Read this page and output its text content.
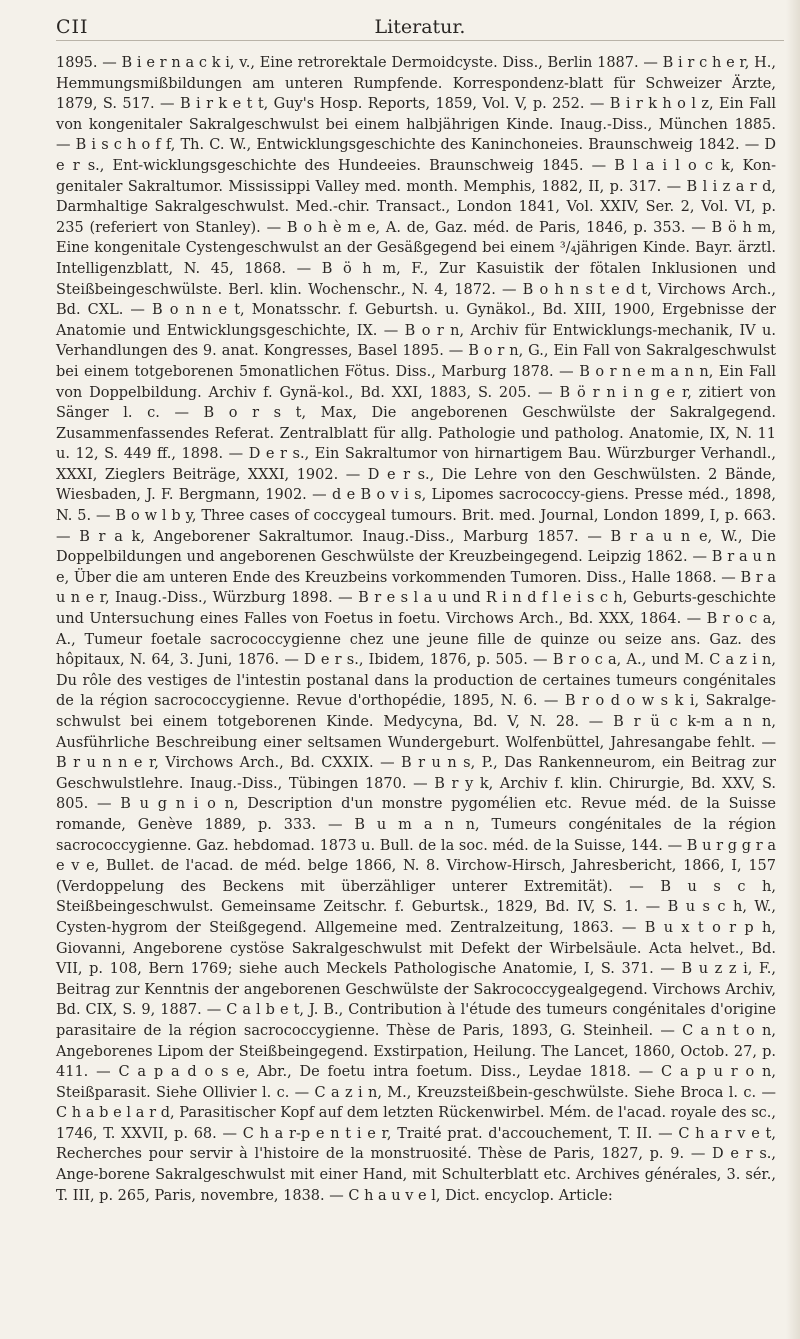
CII	Literatur.

1895. — B i e r n a c k i, v., Eine retrorektale Dermoidcyste. Diss., Berlin 1887. — B i r c h e r, H., Hemmungsmißbildungen am unteren Rumpfende. Korrespondenz-blatt für Schweizer Ärzte, 1879, S. 517. — B i r k e t t, Guy's Hosp. Reports, 1859, Vol. V, p. 252. — B i r k h o l z, Ein Fall von kongenitaler Sakralgeschwulst bei einem halbjährigen Kinde. Inaug.-Diss., München 1885. — B i s c h o f f, Th. C. W., Entwicklungsgeschichte des Kaninchoneies. Braunschweig 1842. — D e r s., Ent-wicklungsgeschichte des Hundeeies. Braunschweig 1845. — B l a i l o c k, Kon-genitaler Sakraltumor. Mississippi Valley med. month. Memphis, 1882, II, p. 317. — B l i z a r d, Darmhaltige Sakralgeschwulst. Med.-chir. Transact., London 1841, Vol. XXIV, Ser. 2, Vol. VI, p. 235 (referiert von Stanley). — B o h è m e, A. de, Gaz. méd. de Paris, 1846, p. 353. — B ö h m, Eine kongenitale Cystengeschwulst an der Gesäßgegend bei einem ³/₄jährigen Kinde. Bayr. ärztl. Intelligenzblatt, N. 45, 1868. — B ö h m, F., Zur Kasuistik der fötalen Inklusionen und Steißbeingeschwülste. Berl. klin. Wochenschr., N. 4, 1872. — B o h n s t e d t, Virchows Arch., Bd. CXL. — B o n n e t, Monatsschr. f. Geburtsh. u. Gynäkol., Bd. XIII, 1900, Ergebnisse der Anatomie und Entwicklungsgeschichte, IX. — B o r n, Archiv für Entwicklungs-mechanik, IV u. Verhandlungen des 9. anat. Kongresses, Basel 1895. — B o r n, G., Ein Fall von Sakralgeschwulst bei einem totgeborenen 5monatlichen Fötus. Diss., Marburg 1878. — B o r n e m a n n, Ein Fall von Doppelbildung. Archiv f. Gynä-kol., Bd. XXI, 1883, S. 205. — B ö r n i n g e r, zitiert von Sänger l. c. — B o r s t, Max, Die angeborenen Geschwülste der Sakralgegend. Zusammenfassendes Referat. Zentralblatt für allg. Pathologie und patholog. Anatomie, IX, N. 11 u. 12, S. 449 ff., 1898. — D e r s., Ein Sakraltumor von hirnartigem Bau. Würzburger Verhandl., XXXI, Zieglers Beiträge, XXXI, 1902. — D e r s., Die Lehre von den Geschwülsten. 2 Bände, Wiesbaden, J. F. Bergmann, 1902. — d e B o v i s, Lipomes sacrococcy-giens. Presse méd., 1898, N. 5. — B o w l b y, Three cases of coccygeal tumours. Brit. med. Journal, London 1899, I, p. 663. — B r a k, Angeborener Sakraltumor. Inaug.-Diss., Marburg 1857. — B r a u n e, W., Die Doppelbildungen und angeborenen Geschwülste der Kreuzbeingegend. Leipzig 1862. — B r a u n e, Über die am unteren Ende des Kreuzbeins vorkommenden Tumoren. Diss., Halle 1868. — B r a u n e r, Inaug.-Diss., Würzburg 1898. — B r e s l a u und R i n d f l e i s c h, Geburts-geschichte und Untersuchung eines Falles von Foetus in foetu. Virchows Arch., Bd. XXX, 1864. — B r o c a, A., Tumeur foetale sacrococcygienne chez une jeune fille de quinze ou seize ans. Gaz. des hôpitaux, N. 64, 3. Juni, 1876. — D e r s., Ibidem, 1876, p. 505. — B r o c a, A., und M. C a z i n, Du rôle des vestiges de l'intestin postanal dans la production de certaines tumeurs congénitales de la région sacrococcygienne. Revue d'orthopédie, 1895, N. 6. — B r o d o w s k i, Sakralge-schwulst bei einem totgeborenen Kinde. Medycyna, Bd. V, N. 28. — B r ü c k-m a n n, Ausführliche Beschreibung einer seltsamen Wundergeburt. Wolfenbüttel, Jahresangabe fehlt. — B r u n n e r, Virchows Arch., Bd. CXXIX. — B r u n s, P., Das Rankenneurom, ein Beitrag zur Geschwulstlehre. Inaug.-Diss., Tübingen 1870. — B r y k, Archiv f. klin. Chirurgie, Bd. XXV, S. 805. — B u g n i o n, Description d'un monstre pygomélien etc. Revue méd. de la Suisse romande, Genève 1889, p. 333. — B u m a n n, Tumeurs congénitales de la région sacrococcygienne. Gaz. hebdomad. 1873 u. Bull. de la soc. méd. de la Suisse, 144. — B u r g g r a e v e, Bullet. de l'acad. de méd. belge 1866, N. 8. Virchow-Hirsch, Jahresbericht, 1866, I, 157 (Verdoppelung des Beckens mit überzähliger unterer Extremität). — B u s c h, Steißbeingeschwulst. Gemeinsame Zeitschr. f. Geburtsk., 1829, Bd. IV, S. 1. — B u s c h, W., Cysten-hygrom der Steißgegend. Allgemeine med. Zentralzeitung, 1863. — B u x t o r p h, Giovanni, Angeborene cystöse Sakralgeschwulst mit Defekt der Wirbelsäule. Acta helvet., Bd. VII, p. 108, Bern 1769; siehe auch Meckels Pathologische Anatomie, I, S. 371. — B u z z i, F., Beitrag zur Kenntnis der angeborenen Geschwülste der Sakrococcygealgegend. Virchows Archiv, Bd. CIX, S. 9, 1887. — C a l b e t, J. B., Contribution à l'étude des tumeurs congénitales d'origine parasitaire de la région sacrococcygienne. Thèse de Paris, 1893, G. Steinheil. — C a n t o n, Angeborenes Lipom der Steißbeingegend. Exstirpation, Heilung. The Lancet, 1860, Octob. 27, p. 411. — C a p a d o s e, Abr., De foetu intra foetum. Diss., Leydae 1818. — C a p u r o n, Steißparasit. Siehe Ollivier l. c. — C a z i n, M., Kreuzsteißbein-geschwülste. Siehe Broca l. c. — C h a b e l a r d, Parasitischer Kopf auf dem letzten Rückenwirbel. Mém. de l'acad. royale des sc., 1746, T. XXVII, p. 68. — C h a r-p e n t i e r, Traité prat. d'accouchement, T. II. — C h a r v e t, Recherches pour servir à l'histoire de la monstruosité. Thèse de Paris, 1827, p. 9. — D e r s., Ange-borene Sakralgeschwulst mit einer Hand, mit Schulterblatt etc. Archives générales, 3. sér., T. III, p. 265, Paris, novembre, 1838. — C h a u v e l, Dict. encyclop. Article:
